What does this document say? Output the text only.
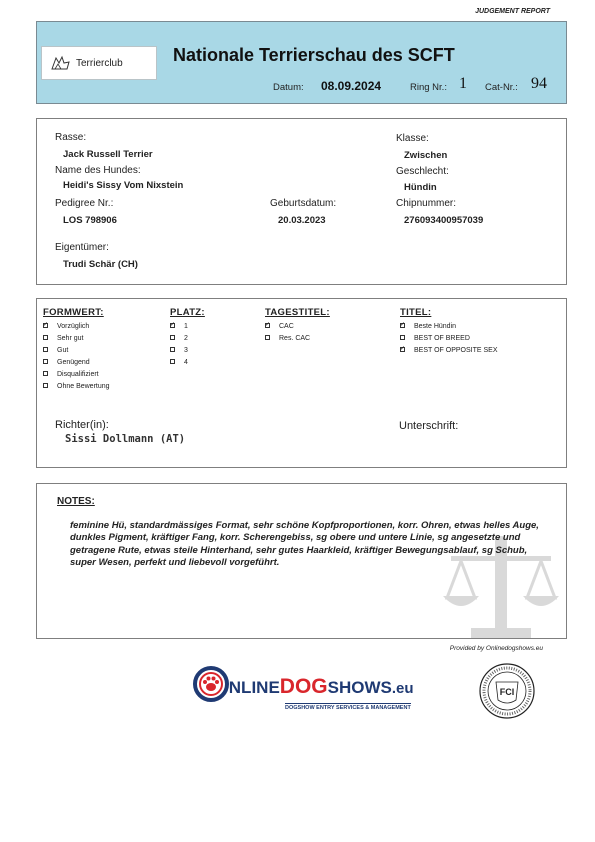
JUDGEMENT REPORT
Terrierclub	Nationale Terrierschau des SCFT
Datum: 08.09.2024	Ring Nr.: 1 Cat-Nr.: 94
Rasse:
Jack Russell Terrier
Klasse:
Zwischen
Name des Hundes:
Heidi's Sissy Vom Nixstein
Geschlecht:
Hündin
Pedigree Nr.:
LOS 798906
Geburtsdatum:
20.03.2023
Chipnummer:
276093400957039
Eigentümer:
Trudi Schär (CH)
FORMWERT:
✓Vorzüglich
Sehr gut
Gut
Genügend
Disqualifiziert
Ohne Bewertung
PLATZ:
✓1
2
3
4
TAGESTITEL:
✓CAC
Res. CAC
TITEL:
✓Beste Hündin
BEST OF BREED
✓BEST OF OPPOSITE SEX
Richter(in):
Sissi Dollmann (AT)
Unterschrift:
NOTES:
feminine Hü, standardmässiges Format, sehr schöne Kopfproportionen, korr. Ohren, etwas helles Auge, dunkles Pigment, kräftiger Fang, korr. Scherengebiss, sg obere und untere Linie, sg angesetzte und getragene Rute, etwas steile Hinterhand, sehr gutes Haarkleid, kräftiger Bewegungsablauf, sg Schub, super Wesen, perfekt und liebevoll vorgeführt.
Provided by Onlinedogshows.eu
NLINEDOGSHOWS.eu
DOGSHOW ENTRY SERVICES & MANAGEMENT
FCI
